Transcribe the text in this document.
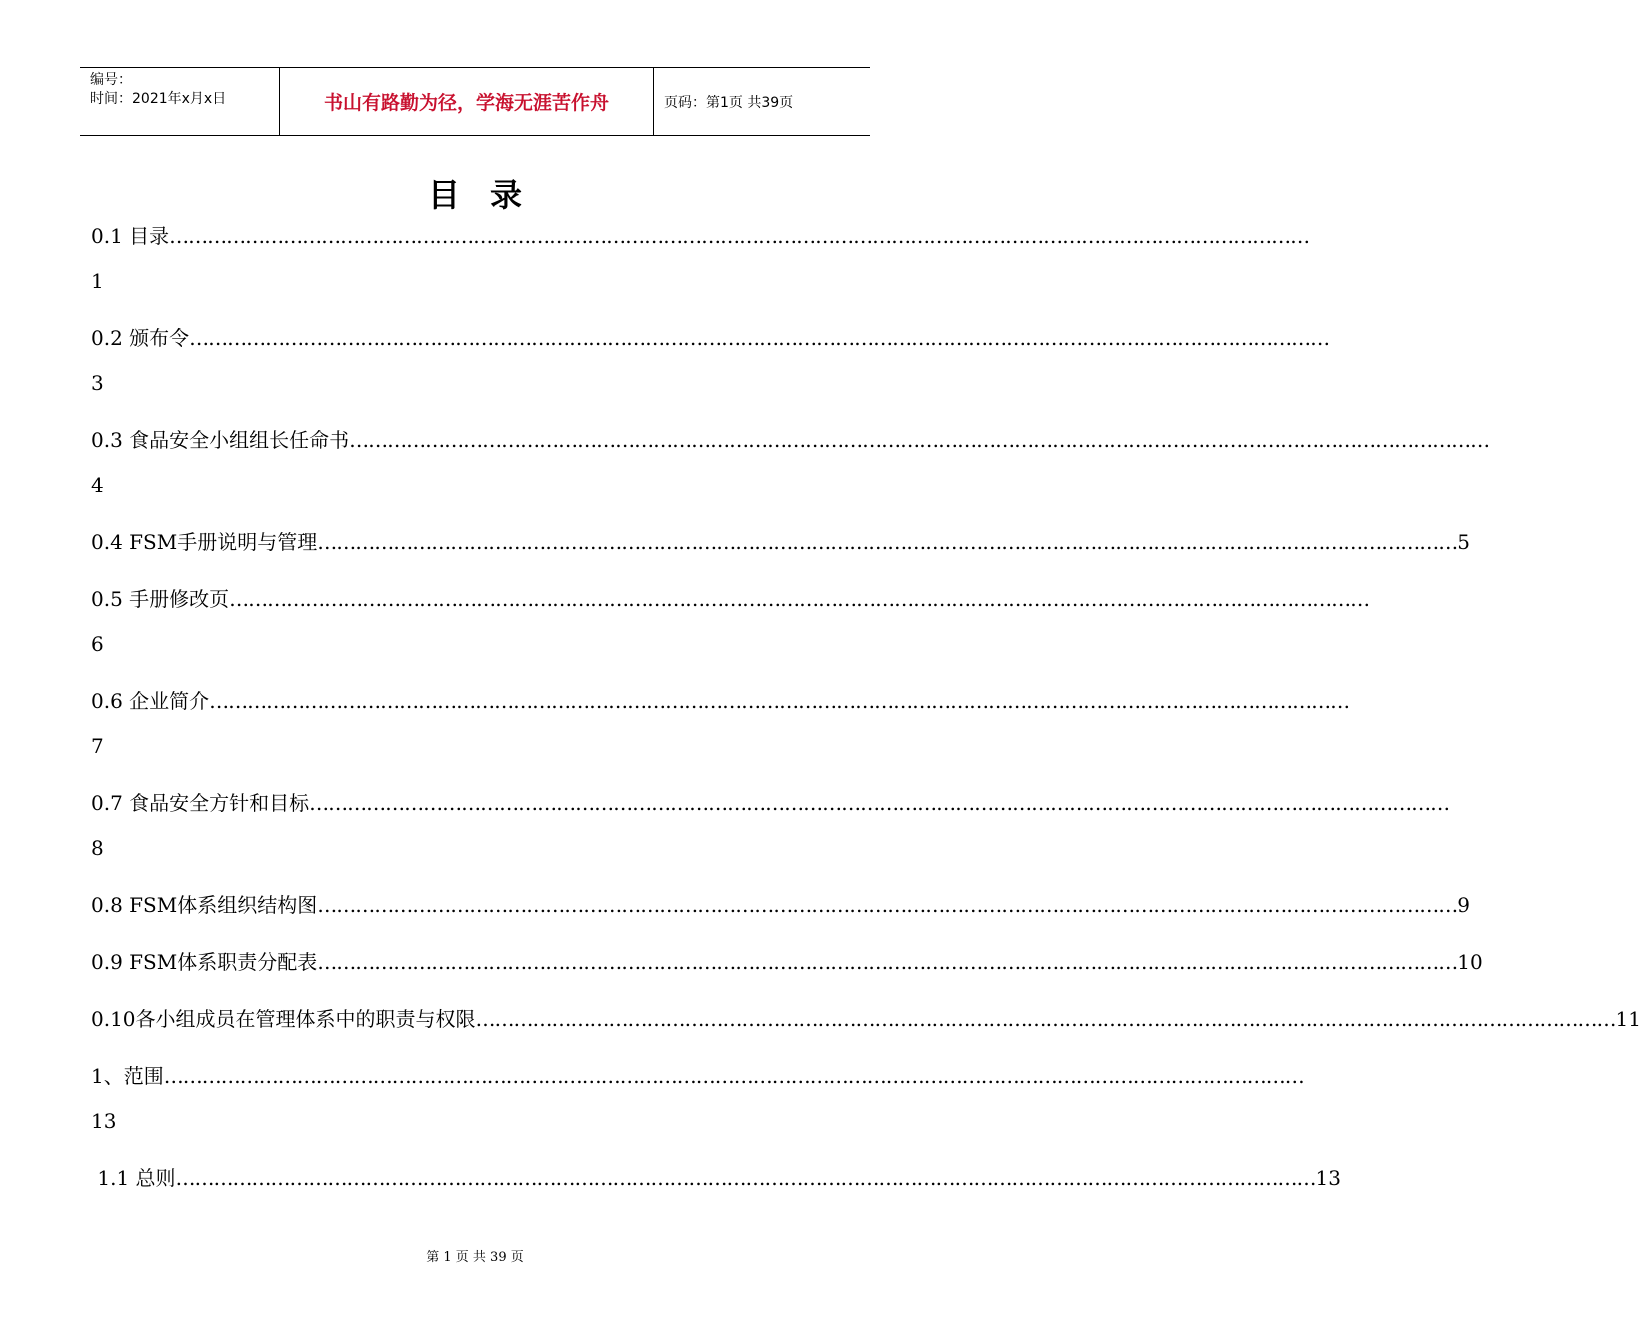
编号：
时间：2021年x月x日	书山有路勤为径，学海无涯苦作舟	页码：第1页 共39页
目录
0.1 目录 ………………………………………………………………………………………………………………………………………………………………
1
0.2 颁布令 ………………………………………………………………………………………………………………………………………………………………
3
0.3 食品安全小组组长任命书 ………………………………………………………………………………………………………………………………………………………………
4
0.4 FSM手册说明与管理 ……………………………………………………………………………………………………………………………………………………………… 5
0.5 手册修改页 ………………………………………………………………………………………………………………………………………………………………
6
0.6 企业简介 ………………………………………………………………………………………………………………………………………………………………
7
0.7 食品安全方针和目标 ………………………………………………………………………………………………………………………………………………………………
8
0.8 FSM体系组织结构图 ……………………………………………………………………………………………………………………………………………………………… 9
0.9 FSM体系职责分配表 ……………………………………………………………………………………………………………………………………………………………… 10
0.10各小组成员在管理体系中的职责与权限 ……………………………………………………………………………………………………………………………………………………………… 11
1、范围 ………………………………………………………………………………………………………………………………………………………………
13
1.1 总则 ……………………………………………………………………………………………………………………………………………………………… 13
第 1 页 共 39 页
